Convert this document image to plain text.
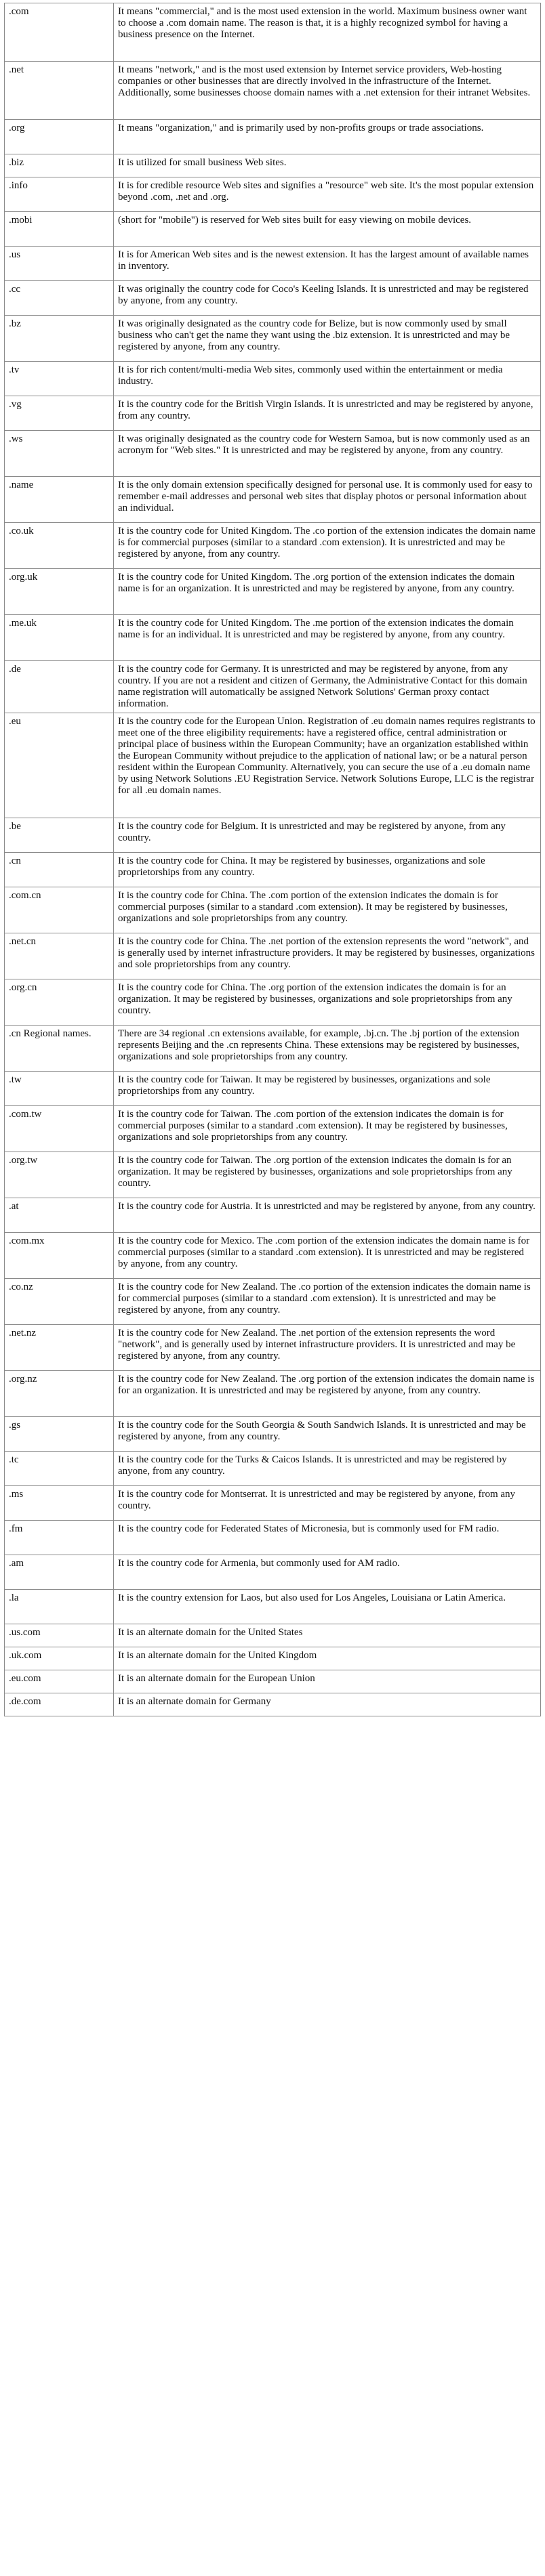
.com	It means "commercial," and is the most used extension in the world. Maximum business owner want to choose a .com domain name. The reason is that, it is a highly recognized symbol for having a business presence on the Internet.
.net	It means "network," and is the most used extension by Internet service providers, Web-hosting companies or other businesses that are directly involved in the infrastructure of the Internet. Additionally, some businesses choose domain names with a .net extension for their intranet Websites.
.org	It means "organization," and is primarily used by non-profits groups or trade associations.
.biz	It is utilized for small business Web sites.
.info	It is for credible resource Web sites and signifies a "resource" web site. It's the most popular extension beyond .com, .net and .org.
.mobi	(short for "mobile") is reserved for Web sites built for easy viewing on mobile devices.
.us	It is for American Web sites and is the newest extension. It has the largest amount of available names in inventory.
.cc	It was originally the country code for Coco's Keeling Islands. It is unrestricted and may be registered by anyone, from any country.
.bz	It was originally designated as the country code for Belize, but is now commonly used by small business who can't get the name they want using the .biz extension. It is unrestricted and may be registered by anyone, from any country.
.tv	It is for rich content/multi-media Web sites, commonly used within the entertainment or media industry.
.vg	It is the country code for the British Virgin Islands. It is unrestricted and may be registered by anyone, from any country.
.ws	It was originally designated as the country code for Western Samoa, but is now commonly used as an acronym for "Web sites." It is unrestricted and may be registered by anyone, from any country.
.name	It is the only domain extension specifically designed for personal use. It is commonly used for easy to remember e-mail addresses and personal web sites that display photos or personal information about an individual.
.co.uk	It is the country code for United Kingdom. The .co portion of the extension indicates the domain name is for commercial purposes (similar to a standard .com extension). It is unrestricted and may be registered by anyone, from any country.
.org.uk	It is the country code for United Kingdom. The .org portion of the extension indicates the domain name is for an organization. It is unrestricted and may be registered by anyone, from any country.
.me.uk	It is the country code for United Kingdom. The .me portion of the extension indicates the domain name is for an individual. It is unrestricted and may be registered by anyone, from any country.
.de	It is the country code for Germany. It is unrestricted and may be registered by anyone, from any country. If you are not a resident and citizen of Germany, the Administrative Contact for this domain name registration will automatically be assigned Network Solutions' German proxy contact information.
.eu	It is the country code for the European Union. Registration of .eu domain names requires registrants to meet one of the three eligibility requirements: have a registered office, central administration or principal place of business within the European Community; have an organization established within the European Community without prejudice to the application of national law; or be a natural person resident within the European Community. Alternatively, you can secure the use of a .eu domain name by using Network Solutions .EU Registration Service. Network Solutions Europe, LLC is the registrar for all .eu domain names.
.be	It is the country code for Belgium. It is unrestricted and may be registered by anyone, from any country.
.cn	It is the country code for China. It may be registered by businesses, organizations and sole proprietorships from any country.
.com.cn	It is the country code for China. The .com portion of the extension indicates the domain is for commercial purposes (similar to a standard .com extension). It may be registered by businesses, organizations and sole proprietorships from any country.
.net.cn	It is the country code for China. The .net portion of the extension represents the word "network", and is generally used by internet infrastructure providers. It may be registered by businesses, organizations and sole proprietorships from any country.
.org.cn	It is the country code for China. The .org portion of the extension indicates the domain is for an organization. It may be registered by businesses, organizations and sole proprietorships from any country.
.cn Regional names.	There are 34 regional .cn extensions available, for example, .bj.cn. The .bj portion of the extension represents Beijing and the .cn represents China. These extensions may be registered by businesses, organizations and sole proprietorships from any country.
.tw	It is the country code for Taiwan. It may be registered by businesses, organizations and sole proprietorships from any country.
.com.tw	It is the country code for Taiwan. The .com portion of the extension indicates the domain is for commercial purposes (similar to a standard .com extension). It may be registered by businesses, organizations and sole proprietorships from any country.
.org.tw	It is the country code for Taiwan. The .org portion of the extension indicates the domain is for an organization. It may be registered by businesses, organizations and sole proprietorships from any country.
.at	It is the country code for Austria. It is unrestricted and may be registered by anyone, from any country.
.com.mx	It is the country code for Mexico. The .com portion of the extension indicates the domain name is for commercial purposes (similar to a standard .com extension). It is unrestricted and may be registered by anyone, from any country.
.co.nz	It is the country code for New Zealand. The .co portion of the extension indicates the domain name is for commercial purposes (similar to a standard .com extension). It is unrestricted and may be registered by anyone, from any country.
.net.nz	It is the country code for New Zealand. The .net portion of the extension represents the word "network", and is generally used by internet infrastructure providers. It is unrestricted and may be registered by anyone, from any country.
.org.nz	It is the country code for New Zealand. The .org portion of the extension indicates the domain name is for an organization. It is unrestricted and may be registered by anyone, from any country.
.gs	It is the country code for the South Georgia & South Sandwich Islands. It is unrestricted and may be registered by anyone, from any country.
.tc	It is the country code for the Turks & Caicos Islands. It is unrestricted and may be registered by anyone, from any country.
.ms	It is the country code for Montserrat. It is unrestricted and may be registered by anyone, from any country.
.fm	It is the country code for Federated States of Micronesia, but is commonly used for FM radio.
.am	It is the country code for Armenia, but commonly used for AM radio.
.la	It is the country extension for Laos, but also used for Los Angeles, Louisiana or Latin America.
.us.com	It is an alternate domain for the United States
.uk.com	It is an alternate domain for the United Kingdom
.eu.com	It is an alternate domain for the European Union
.de.com	It is an alternate domain for Germany
